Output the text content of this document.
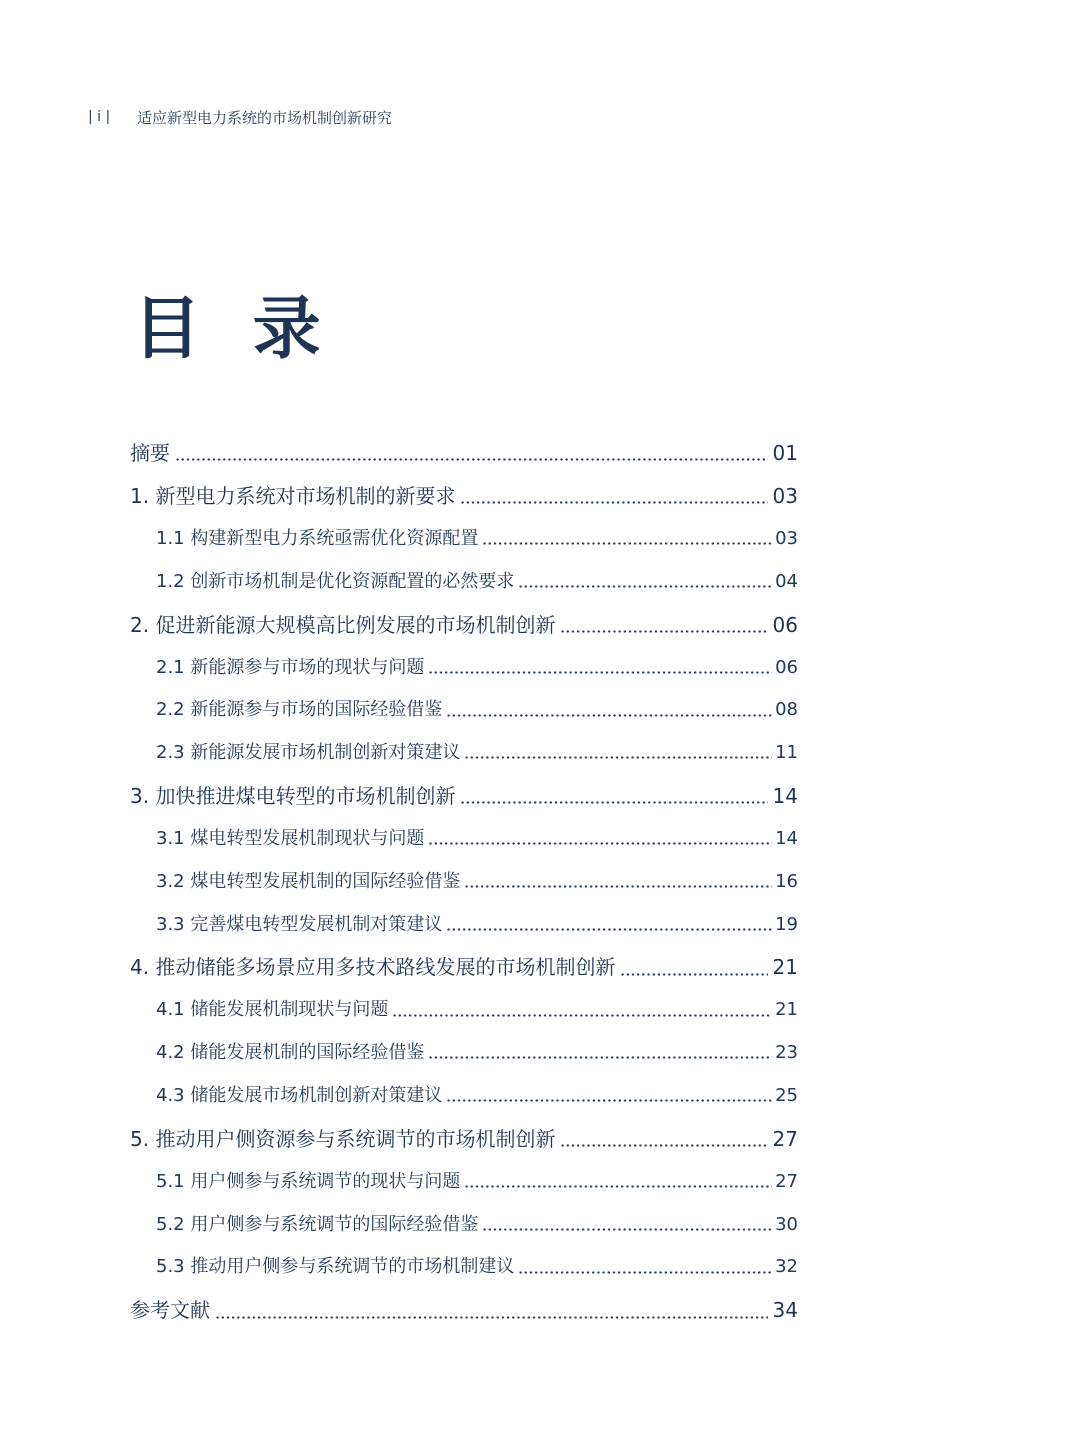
| i |	适应新型电力系统的市场机制创新研究
目 录
摘要	01
1. 新型电力系统对市场机制的新要求	03
1.1 构建新型电力系统亟需优化资源配置	03
1.2 创新市场机制是优化资源配置的必然要求	04
2. 促进新能源大规模高比例发展的市场机制创新	06
2.1 新能源参与市场的现状与问题	06
2.2 新能源参与市场的国际经验借鉴	08
2.3 新能源发展市场机制创新对策建议	11
3. 加快推进煤电转型的市场机制创新	14
3.1 煤电转型发展机制现状与问题	14
3.2 煤电转型发展机制的国际经验借鉴	16
3.3 完善煤电转型发展机制对策建议	19
4. 推动储能多场景应用多技术路线发展的市场机制创新	21
4.1 储能发展机制现状与问题	21
4.2 储能发展机制的国际经验借鉴	23
4.3 储能发展市场机制创新对策建议	25
5. 推动用户侧资源参与系统调节的市场机制创新	27
5.1 用户侧参与系统调节的现状与问题	27
5.2 用户侧参与系统调节的国际经验借鉴	30
5.3 推动用户侧参与系统调节的市场机制建议	32
参考文献	34
